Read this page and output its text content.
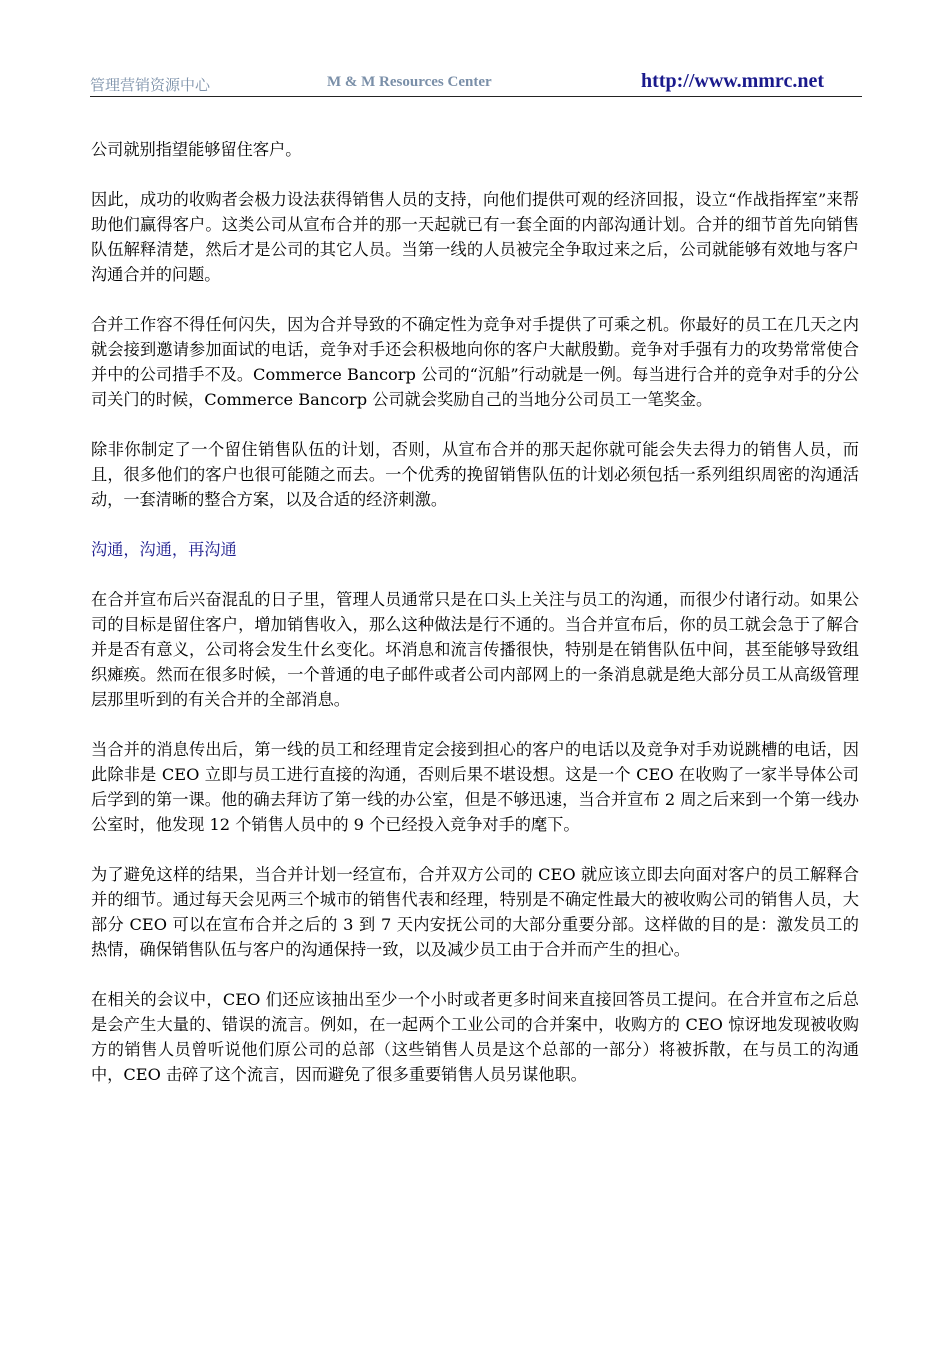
管理营销资源中心	M & M Resources Center	http://www.mmrc.net

公司就别指望能够留住客户。

因此，成功的收购者会极力设法获得销售人员的支持，向他们提供可观的经济回报，设立“作战指挥室”来帮助他们赢得客户。这类公司从宣布合并的那一天起就已有一套全面的内部沟通计划。合并的细节首先向销售队伍解释清楚，然后才是公司的其它人员。当第一线的人员被完全争取过来之后，公司就能够有效地与客户沟通合并的问题。

合并工作容不得任何闪失，因为合并导致的不确定性为竞争对手提供了可乘之机。你最好的员工在几天之内就会接到邀请参加面试的电话，竞争对手还会积极地向你的客户大献殷勤。竞争对手强有力的攻势常常使合并中的公司措手不及。Commerce Bancorp 公司的“沉船”行动就是一例。每当进行合并的竞争对手的分公司关门的时候，Commerce Bancorp 公司就会奖励自己的当地分公司员工一笔奖金。

除非你制定了一个留住销售队伍的计划，否则，从宣布合并的那天起你就可能会失去得力的销售人员，而且，很多他们的客户也很可能随之而去。一个优秀的挽留销售队伍的计划必须包括一系列组织周密的沟通活动，一套清晰的整合方案，以及合适的经济刺激。

沟通，沟通，再沟通

在合并宣布后兴奋混乱的日子里，管理人员通常只是在口头上关注与员工的沟通，而很少付诸行动。如果公司的目标是留住客户，增加销售收入，那么这种做法是行不通的。当合并宣布后，你的员工就会急于了解合并是否有意义，公司将会发生什幺变化。坏消息和流言传播很快，特别是在销售队伍中间，甚至能够导致组织瘫痪。然而在很多时候，一个普通的电子邮件或者公司内部网上的一条消息就是绝大部分员工从高级管理层那里听到的有关合并的全部消息。

当合并的消息传出后，第一线的员工和经理肯定会接到担心的客户的电话以及竞争对手劝说跳槽的电话，因此除非是 CEO 立即与员工进行直接的沟通，否则后果不堪设想。这是一个 CEO 在收购了一家半导体公司后学到的第一课。他的确去拜访了第一线的办公室，但是不够迅速，当合并宣布 2 周之后来到一个第一线办公室时，他发现 12 个销售人员中的 9 个已经投入竞争对手的麾下。

为了避免这样的结果，当合并计划一经宣布，合并双方公司的 CEO 就应该立即去向面对客户的员工解释合并的细节。通过每天会见两三个城市的销售代表和经理，特别是不确定性最大的被收购公司的销售人员，大部分 CEO 可以在宣布合并之后的 3 到 7 天内安抚公司的大部分重要分部。这样做的目的是：激发员工的热情，确保销售队伍与客户的沟通保持一致，以及减少员工由于合并而产生的担心。

在相关的会议中，CEO 们还应该抽出至少一个小时或者更多时间来直接回答员工提问。在合并宣布之后总是会产生大量的、错误的流言。例如，在一起两个工业公司的合并案中，收购方的 CEO 惊讶地发现被收购方的销售人员曾听说他们原公司的总部（这些销售人员是这个总部的一部分）将被拆散，在与员工的沟通中，CEO 击碎了这个流言，因而避免了很多重要销售人员另谋他职。
